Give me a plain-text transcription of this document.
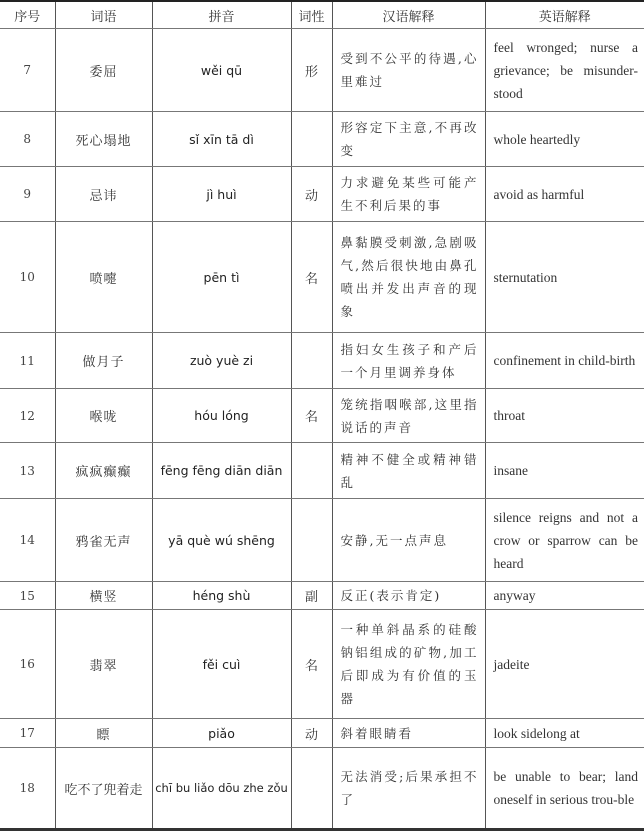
序号	词语	拼音	词性	汉语解释	英语解释
7	委屈	wěi qū	形	受到不公平的待遇,心里难过	feel wronged; nurse a grievance; be misunder-stood
8	死心塌地	sǐ xīn tā dì		形容定下主意,不再改变	whole heartedly
9	忌讳	jì huì	动	力求避免某些可能产生不利后果的事	avoid as harmful
10	喷嚏	pēn tì	名	鼻黏膜受刺激,急剧吸气,然后很快地由鼻孔喷出并发出声音的现象	sternutation
11	做月子	zuò yuè zi		指妇女生孩子和产后一个月里调养身体	confinement in child-birth
12	喉咙	hóu lóng	名	笼统指咽喉部,这里指说话的声音	throat
13	疯疯癫癫	fēng fēng diān diān		精神不健全或精神错乱	insane
14	鸦雀无声	yā què wú shēng		安静,无一点声息	silence reigns and not a crow or sparrow can be heard
15	横竖	héng shù	副	反正(表示肯定)	anyway
16	翡翠	fěi cuì	名	一种单斜晶系的硅酸钠铝组成的矿物,加工后即成为有价值的玉器	jadeite
17	瞟	piǎo	动	斜着眼睛看	look sidelong at
18	吃不了兜着走	chī bu liǎo dōu zhe zǒu		无法消受;后果承担不了	be unable to bear; land oneself in serious trou-ble
